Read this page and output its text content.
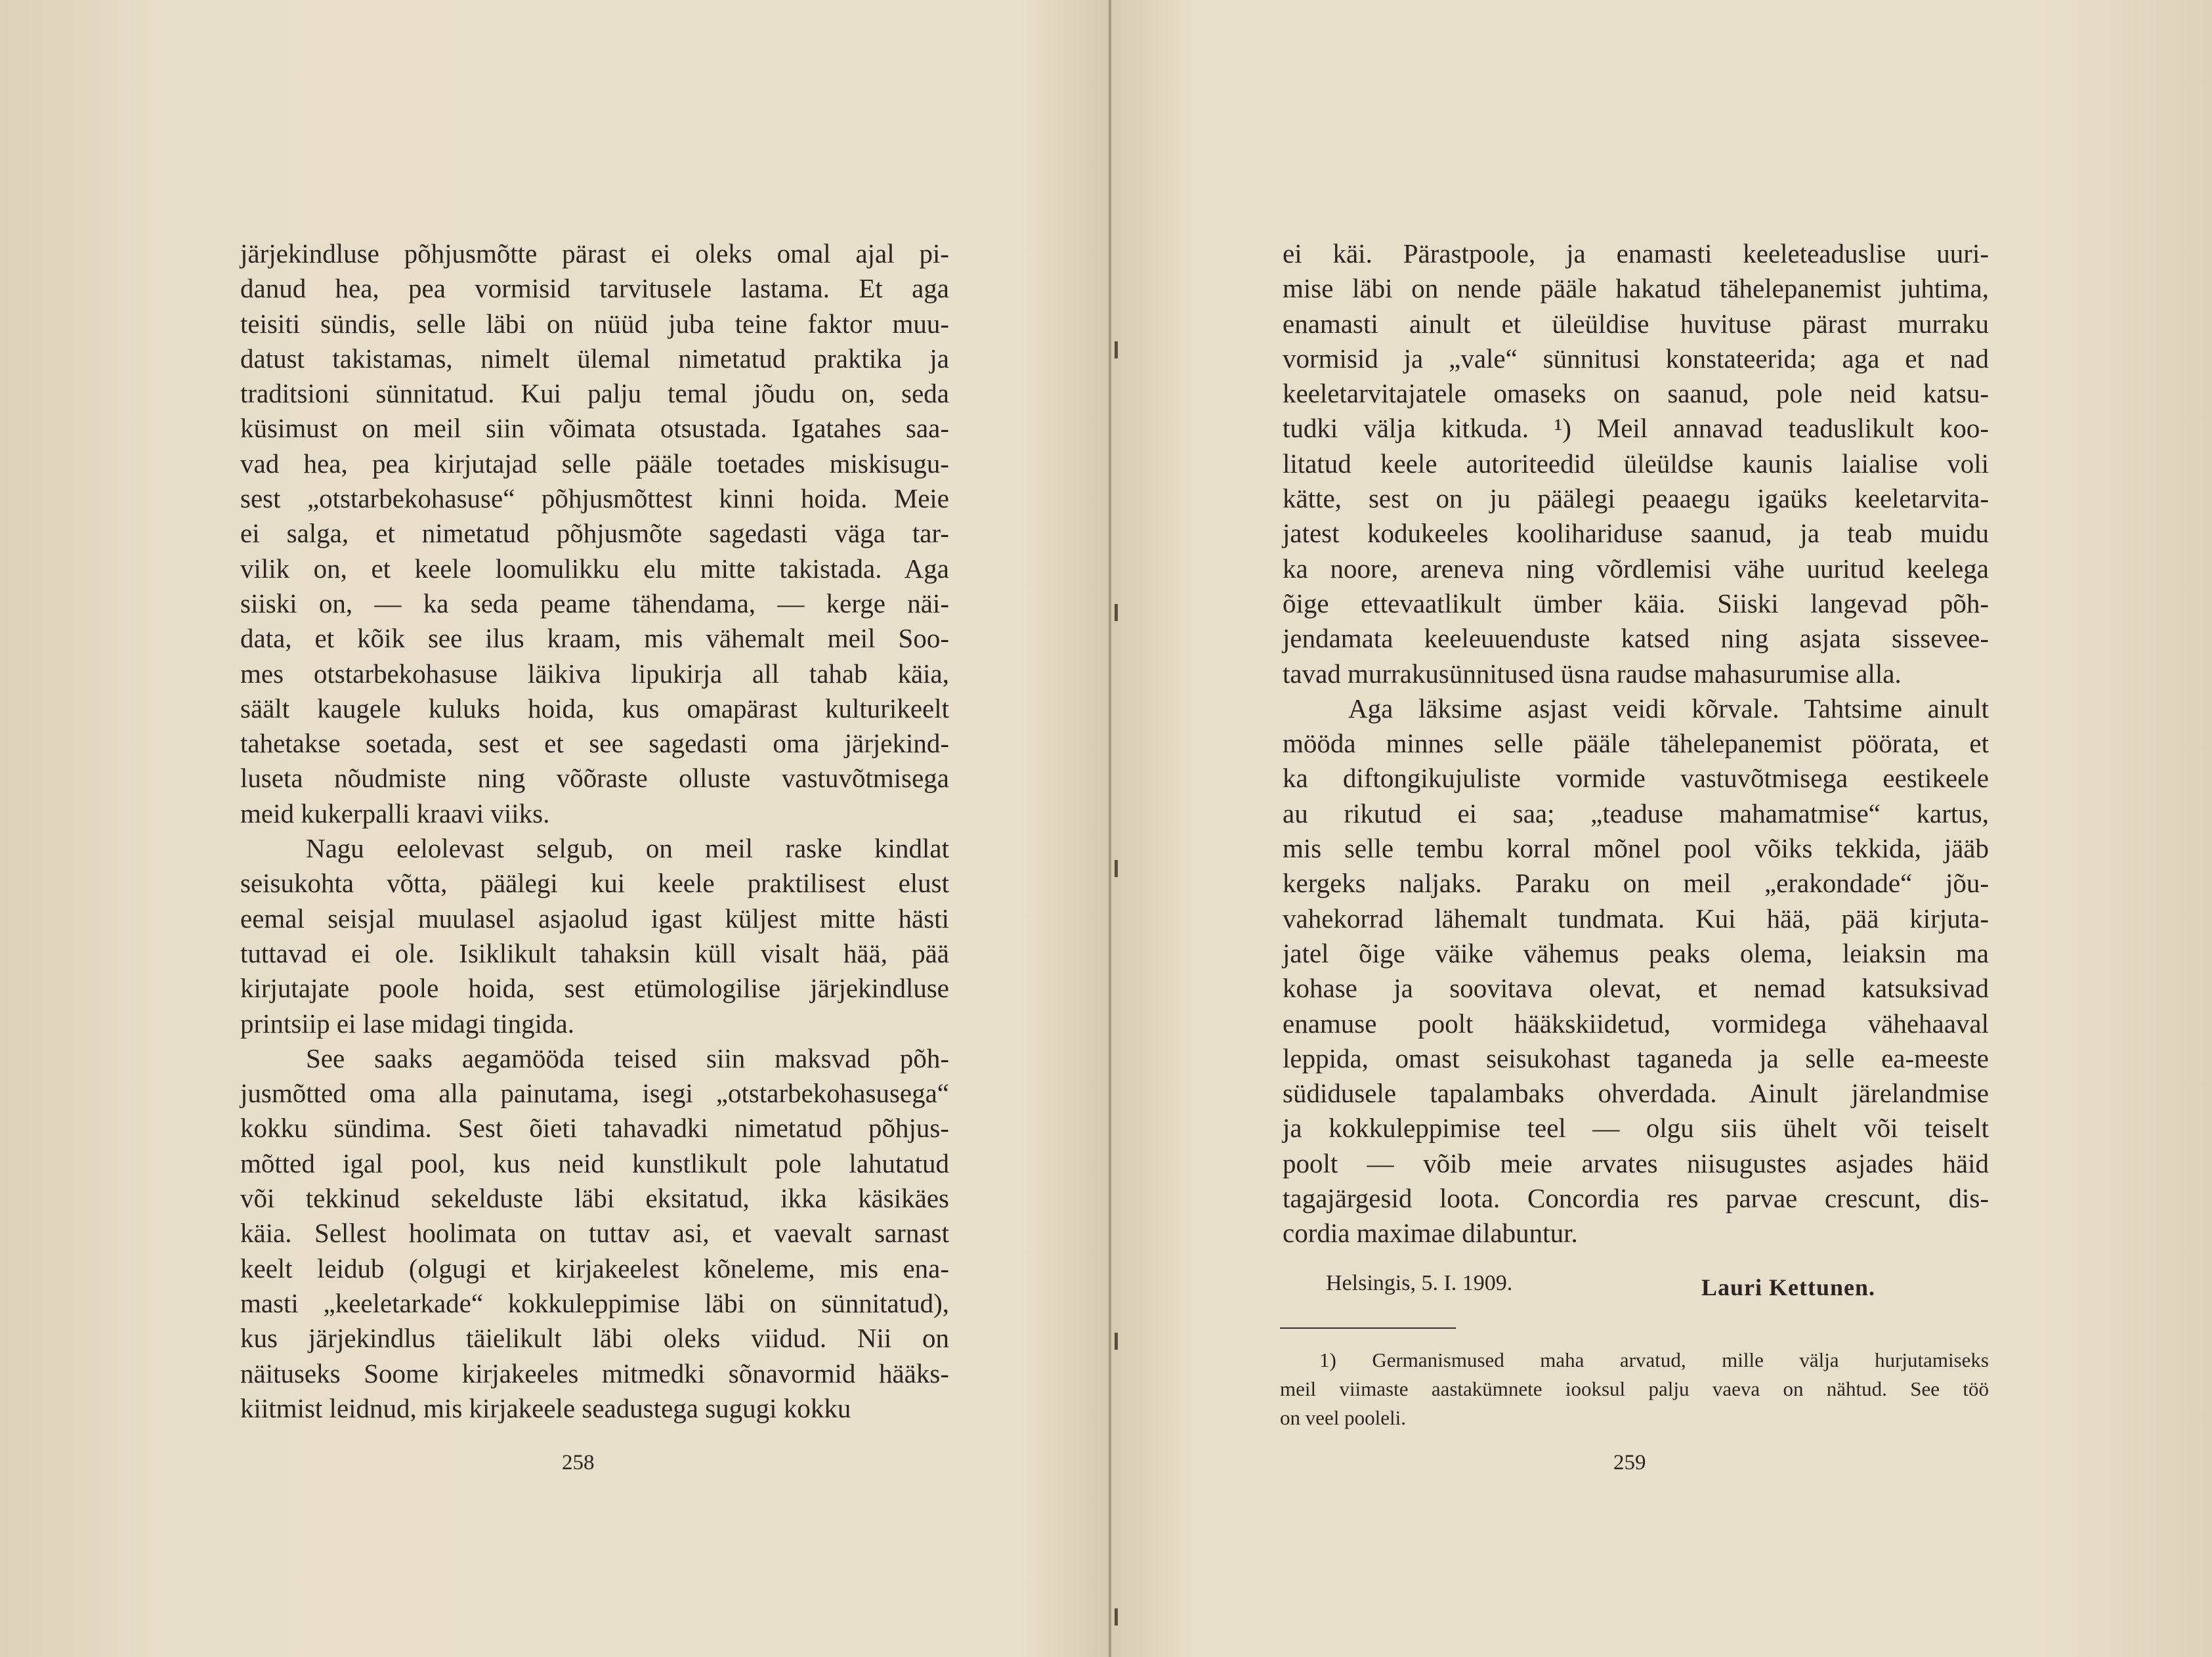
järjekindluse põhjusmõtte pärast ei oleks omal ajal pi-
danud hea, pea vormisid tarvitusele lastama. Et aga
teisiti sündis, selle läbi on nüüd juba teine faktor muu-
datust takistamas, nimelt ülemal nimetatud praktika ja
traditsioni sünnitatud. Kui palju temal jõudu on, seda
küsimust on meil siin võimata otsustada. Igatahes saa-
vad hea, pea kirjutajad selle pääle toetades miskisugu-
sest „otstarbekohasuse“ põhjusmõttest kinni hoida. Meie
ei salga, et nimetatud põhjusmõte sagedasti väga tar-
vilik on, et keele loomulikku elu mitte takistada. Aga
siiski on, — ka seda peame tähendama, — kerge näi-
data, et kõik see ilus kraam, mis vähemalt meil Soo-
mes otstarbekohasuse läikiva lipukirja all tahab käia,
säält kaugele kuluks hoida, kus omapärast kulturikeelt
tahetakse soetada, sest et see sagedasti oma järjekind-
luseta nõudmiste ning võõraste olluste vastuvõtmisega
meid kukerpalli kraavi viiks.
Nagu eelolevast selgub, on meil raske kindlat
seisukohta võtta, päälegi kui keele praktilisest elust
eemal seisjal muulasel asjaolud igast küljest mitte hästi
tuttavad ei ole. Isiklikult tahaksin küll visalt hää, pää
kirjutajate poole hoida, sest etümologilise järjekindluse
printsiip ei lase midagi tingida.
See saaks aegamööda teised siin maksvad põh-
jusmõtted oma alla painutama, isegi „otstarbekohasusega“
kokku sündima. Sest õieti tahavadki nimetatud põhjus-
mõtted igal pool, kus neid kunstlikult pole lahutatud
või tekkinud sekelduste läbi eksitatud, ikka käsikäes
käia. Sellest hoolimata on tuttav asi, et vaevalt sarnast
keelt leidub (olgugi et kirjakeelest kõneleme, mis ena-
masti „keeletarkade“ kokkuleppimise läbi on sünnitatud),
kus järjekindlus täielikult läbi oleks viidud. Nii on
näituseks Soome kirjakeeles mitmedki sõnavormid hääks-
kiitmist leidnud, mis kirjakeele seadustega sugugi kokku
258
ei käi. Pärastpoole, ja enamasti keeleteaduslise uuri-
mise läbi on nende pääle hakatud tähelepanemist juhtima,
enamasti ainult et üleüldise huvituse pärast murraku
vormisid ja „vale“ sünnitusi konstateerida; aga et nad
keeletarvitajatele omaseks on saanud, pole neid katsu-
tudki välja kitkuda. ¹) Meil annavad teaduslikult koo-
litatud keele autoriteedid üleüldse kaunis laialise voli
kätte, sest on ju päälegi peaaegu igaüks keeletarvita-
jatest kodukeeles koolihariduse saanud, ja teab muidu
ka noore, areneva ning võrdlemisi vähe uuritud keelega
õige ettevaatlikult ümber käia. Siiski langevad põh-
jendamata keeleuuenduste katsed ning asjata sisseveе-
tavad murrakusünnitused üsna raudse mahasurumise alla.
Aga läksime asjast veidi kõrvale. Tahtsime ainult
mööda minnes selle pääle tähelepanemist pöörata, et
ka diftongikujuliste vormide vastuvõtmisega eestikeele
au rikutud ei saa; „teaduse mahamatmise“ kartus,
mis selle tembu korral mõnel pool võiks tekkida, jääb
kergeks naljaks. Paraku on meil „erakondade“ jõu-
vahekorrad lähemalt tundmata. Kui hää, pää kirjuta-
jatel õige väike vähemus peaks olema, leiaksin ma
kohase ja soovitava olevat, et nemad katsuksivad
enamuse poolt hääkskiidetud, vormidega vähehaaval
leppida, omast seisukohast taganeda ja selle ea-meeste
südidusele tapalambaks ohverdada. Ainult järelandmise
ja kokkuleppimise teel — olgu siis ühelt või teiselt
poolt — võib meie arvates niisugustes asjades häid
tagajärgesid loota. Concordia res parvae crescunt, dis-
cordia maximae dilabuntur.
Helsingis, 5. I. 1909.	Lauri Kettunen.
1) Germanismused maha arvatud, mille välja hurjutamiseks
meil viimaste aastakümnete iooksul palju vaeva on nähtud. See töö
on veel pooleli.
259
